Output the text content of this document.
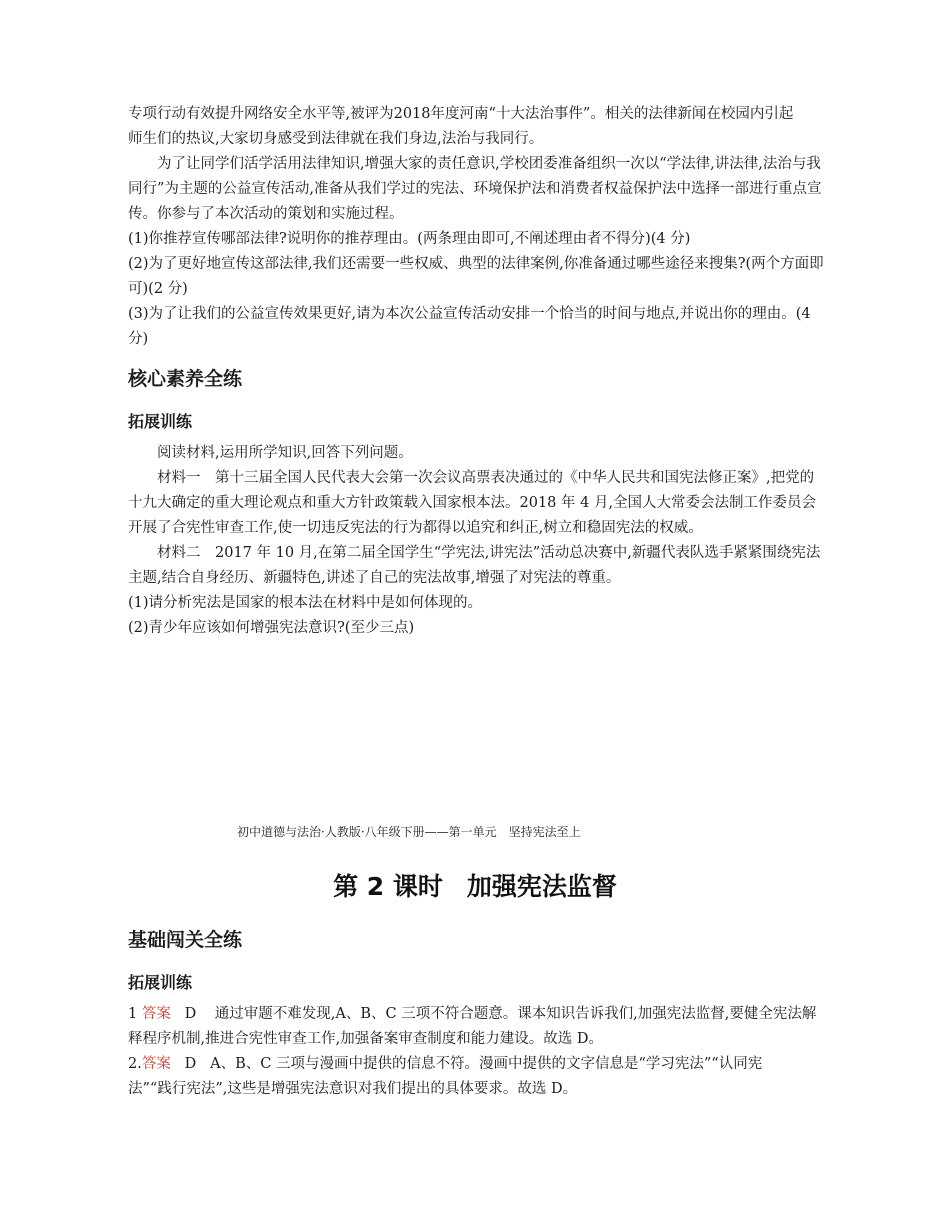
专项行动有效提升网络安全水平等,被评为2018年度河南“十大法治事件”。相关的法律新闻在校园内引起
师生们的热议,大家切身感受到法律就在我们身边,法治与我同行。

为了让同学们活学活用法律知识,增强大家的责任意识,学校团委准备组织一次以“学法律,讲法律,法治与我同行”为主题的公益宣传活动,准备从我们学过的宪法、环境保护法和消费者权益保护法中选择一部进行重点宣传。你参与了本次活动的策划和实施过程。

(1)你推荐宣传哪部法律?说明你的推荐理由。(两条理由即可,不阐述理由者不得分)(4 分)

(2)为了更好地宣传这部法律,我们还需要一些权威、典型的法律案例,你准备通过哪些途径来搜集?(两个方面即可)(2 分)

(3)为了让我们的公益宣传效果更好,请为本次公益宣传活动安排一个恰当的时间与地点,并说出你的理由。(4 分)

核心素养全练
拓展训练

阅读材料,运用所学知识,回答下列问题。

材料一　第十三届全国人民代表大会第一次会议高票表决通过的《中华人民共和国宪法修正案》,把党的十九大确定的重大理论观点和重大方针政策载入国家根本法。2018 年 4 月,全国人大常委会法制工作委员会开展了合宪性审查工作,使一切违反宪法的行为都得以追究和纠正,树立和稳固宪法的权威。

材料二　2017 年 10 月,在第二届全国学生“学宪法,讲宪法”活动总决赛中,新疆代表队选手紧紧围绕宪法主题,结合自身经历、新疆特色,讲述了自己的宪法故事,增强了对宪法的尊重。

(1)请分析宪法是国家的根本法在材料中是如何体现的。

(2)青少年应该如何增强宪法意识?(至少三点)

初中道德与法治·人教版·八年级下册——第一单元　坚持宪法至上
第 2 课时 加强宪法监督
基础闯关全练
拓展训练

1 答案 D 通过审题不难发现,A、B、C 三项不符合题意。课本知识告诉我们,加强宪法监督,要健全宪法解释程序机制,推进合宪性审查工作,加强备案审查制度和能力建设。故选 D。

2.答案 D A、B、C 三项与漫画中提供的信息不符。漫画中提供的文字信息是“学习宪法”“认同宪法”“践行宪法”,这些是增强宪法意识对我们提出的具体要求。故选 D。
